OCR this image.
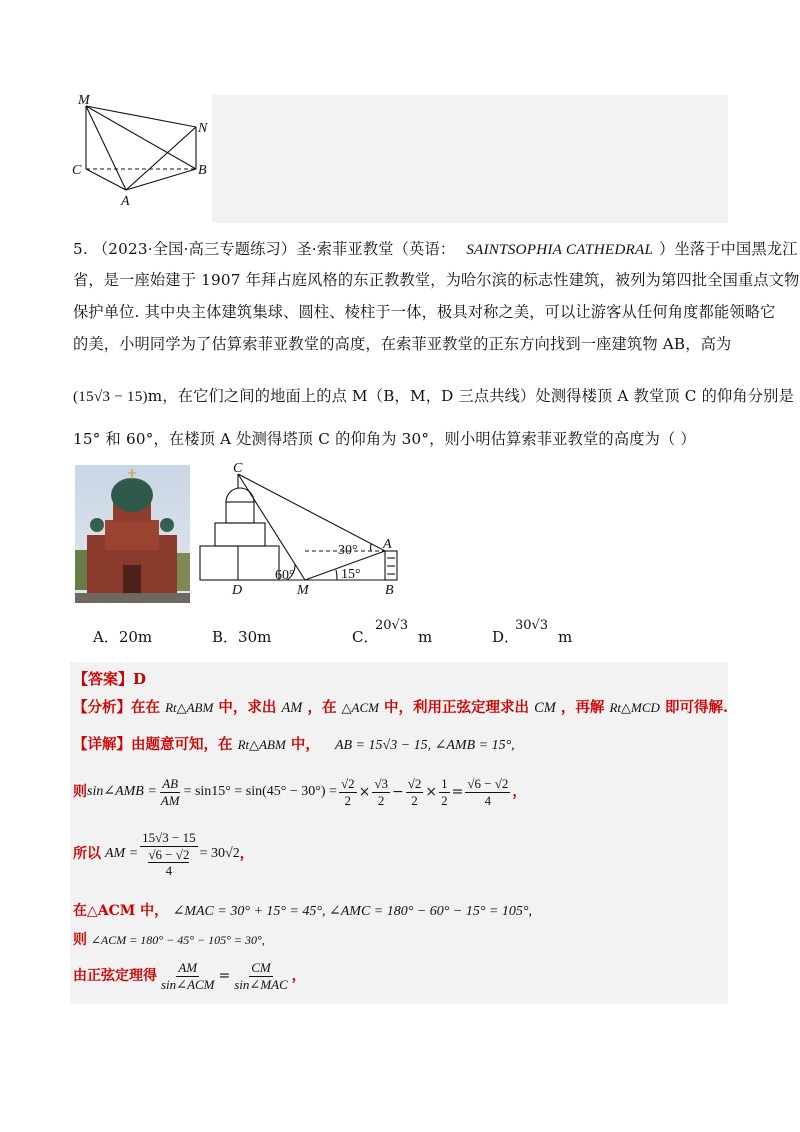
M
N
C	B
A
5. （2023·全国·高三专题练习）圣·索菲亚教堂（英语： SAINTSOPHIA CATHEDRAL ）坐落于中国黑龙江
省，是一座始建于 1907 年拜占庭风格的东正教教堂，为哈尔滨的标志性建筑，被列为第四批全国重点文物
保护单位. 其中央主体建筑集球、圆柱、棱柱于一体，极具对称之美，可以让游客从任何角度都能领略它
的美，小明同学为了估算索菲亚教堂的高度，在索菲亚教堂的正东方向找到一座建筑物 AB，高为
(15√3 − 15)m，在它们之间的地面上的点 M（B，M，D 三点共线）处测得楼顶 A 教堂顶 C 的仰角分别是
15° 和 60°，在楼顶 A 处测得塔顶 C 的仰角为 30°，则小明估算索菲亚教堂的高度为（ ）
C
A
D	M	B
30°
60°	15°
A．20m	B．30m	C．
20√3
m	D．
30√3
m
【答案】D
【分析】在在 Rt△ABM 中，求出 AM ，在 △ACM 中，利用正弦定理求出 CM ，再解 Rt△MCD 即可得解.
【详解】由题意可知，在 Rt△ABM 中， AB = 15√3 − 15, ∠AMB = 15°,
则 sin∠AMB = $\frac{AB}{AM} = \sin 15^\circ = \sin(45^\circ - 30^\circ) = \frac{√2}{2} \times \frac{√3}{2} - \frac{√2}{2} \times \frac{1}{2} = \frac{√6 - √2}{4}$ ，
所以 AM = 15√3 − 15
√6 − √2
4 = 30√2 ，
在△ACM 中， ∠MAC = 30° + 15° = 45°, ∠AMC = 180° − 60° − 15° = 105°,
则 ∠ACM = 180° − 45° − 105° = 30°,
由正弦定理得 $\frac{AM}{\text{sin∠ACM}} = \frac{CM}{\text{sin∠MAC}}$ ，
